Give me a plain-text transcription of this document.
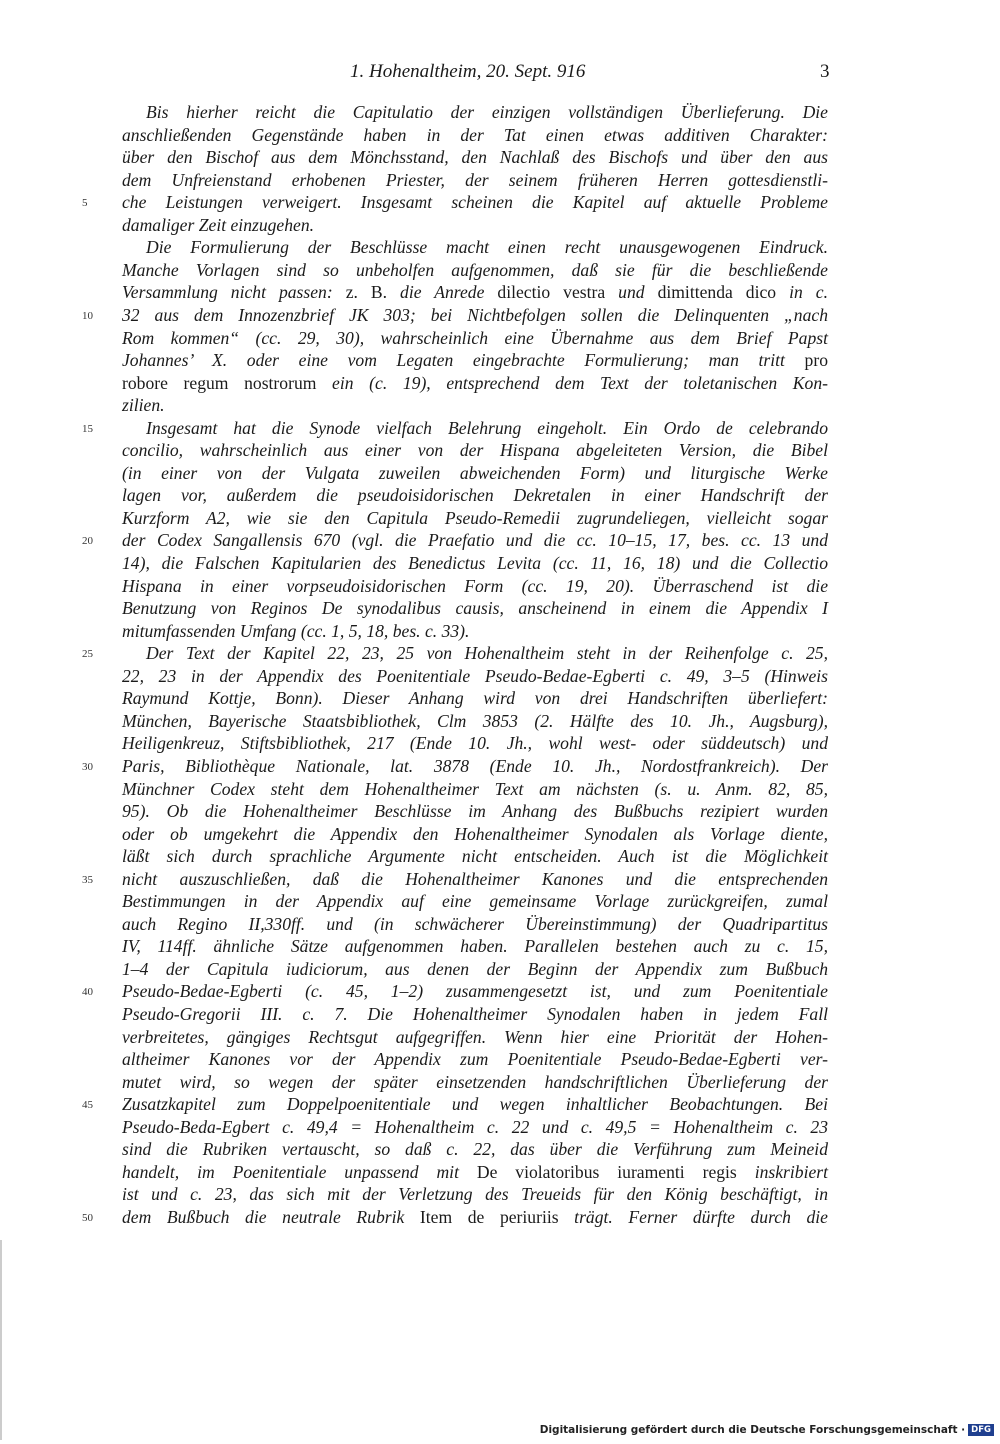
1. Hohenaltheim, 20. Sept. 916	3
Bis hierher reicht die Capitulatio der einzigen vollständigen Überlieferung. Die
anschließenden Gegenstände haben in der Tat einen etwas additiven Charakter:
über den Bischof aus dem Mönchsstand, den Nachlaß des Bischofs und über den aus
dem Unfreienstand erhobenen Priester, der seinem früheren Herren gottesdienstli-
che Leistungen verweigert. Insgesamt scheinen die Kapitel auf aktuelle Probleme
damaliger Zeit einzugehen.
Die Formulierung der Beschlüsse macht einen recht unausgewogenen Eindruck.
Manche Vorlagen sind so unbeholfen aufgenommen, daß sie für die beschließende
Versammlung nicht passen: z. B. die Anrede dilectio vestra und dimittenda dico in c.
32 aus dem Innozenzbrief JK 303; bei Nichtbefolgen sollen die Delinquenten „nach
Rom kommen“ (cc. 29, 30), wahrscheinlich eine Übernahme aus dem Brief Papst
Johannes’ X. oder eine vom Legaten eingebrachte Formulierung; man tritt pro
robore regum nostrorum ein (c. 19), entsprechend dem Text der toletanischen Kon-
zilien.
Insgesamt hat die Synode vielfach Belehrung eingeholt. Ein Ordo de celebrando
concilio, wahrscheinlich aus einer von der Hispana abgeleiteten Version, die Bibel
(in einer von der Vulgata zuweilen abweichenden Form) und liturgische Werke
lagen vor, außerdem die pseudoisidorischen Dekretalen in einer Handschrift der
Kurzform A2, wie sie den Capitula Pseudo-Remedii zugrundeliegen, vielleicht sogar
der Codex Sangallensis 670 (vgl. die Praefatio und die cc. 10–15, 17, bes. cc. 13 und
14), die Falschen Kapitularien des Benedictus Levita (cc. 11, 16, 18) und die Collectio
Hispana in einer vorpseudoisidorischen Form (cc. 19, 20). Überraschend ist die
Benutzung von Reginos De synodalibus causis, anscheinend in einem die Appendix I
mitumfassenden Umfang (cc. 1, 5, 18, bes. c. 33).
Der Text der Kapitel 22, 23, 25 von Hohenaltheim steht in der Reihenfolge c. 25,
22, 23 in der Appendix des Poenitentiale Pseudo-Bedae-Egberti c. 49, 3–5 (Hinweis
Raymund Kottje, Bonn). Dieser Anhang wird von drei Handschriften überliefert:
München, Bayerische Staatsbibliothek, Clm 3853 (2. Hälfte des 10. Jh., Augsburg),
Heiligenkreuz, Stiftsbibliothek, 217 (Ende 10. Jh., wohl west- oder süddeutsch) und
Paris, Bibliothèque Nationale, lat. 3878 (Ende 10. Jh., Nordostfrankreich). Der
Münchner Codex steht dem Hohenaltheimer Text am nächsten (s. u. Anm. 82, 85,
95). Ob die Hohenaltheimer Beschlüsse im Anhang des Bußbuchs rezipiert wurden
oder ob umgekehrt die Appendix den Hohenaltheimer Synodalen als Vorlage diente,
läßt sich durch sprachliche Argumente nicht entscheiden. Auch ist die Möglichkeit
nicht auszuschließen, daß die Hohenaltheimer Kanones und die entsprechenden
Bestimmungen in der Appendix auf eine gemeinsame Vorlage zurückgreifen, zumal
auch Regino II,330ff. und (in schwächerer Übereinstimmung) der Quadripartitus
IV, 114ff. ähnliche Sätze aufgenommen haben. Parallelen bestehen auch zu c. 15,
1–4 der Capitula iudiciorum, aus denen der Beginn der Appendix zum Bußbuch
Pseudo-Bedae-Egberti (c. 45, 1–2) zusammengesetzt ist, und zum Poenitentiale
Pseudo-Gregorii III. c. 7. Die Hohenaltheimer Synodalen haben in jedem Fall
verbreitetes, gängiges Rechtsgut aufgegriffen. Wenn hier eine Priorität der Hohen-
altheimer Kanones vor der Appendix zum Poenitentiale Pseudo-Bedae-Egberti ver-
mutet wird, so wegen der später einsetzenden handschriftlichen Überlieferung der
Zusatzkapitel zum Doppelpoenitentiale und wegen inhaltlicher Beobachtungen. Bei
Pseudo-Beda-Egbert c. 49,4 = Hohenaltheim c. 22 und c. 49,5 = Hohenaltheim c. 23
sind die Rubriken vertauscht, so daß c. 22, das über die Verführung zum Meineid
handelt, im Poenitentiale unpassend mit De violatoribus iuramenti regis inskribiert
ist und c. 23, das sich mit der Verletzung des Treueids für den König beschäftigt, in
dem Bußbuch die neutrale Rubrik Item de periuriis trägt. Ferner dürfte durch die
5
10
15
20
25
30
35
40
45
50
Digitalisierung gefördert durch die Deutsche Forschungsgemeinschaft · DFG
